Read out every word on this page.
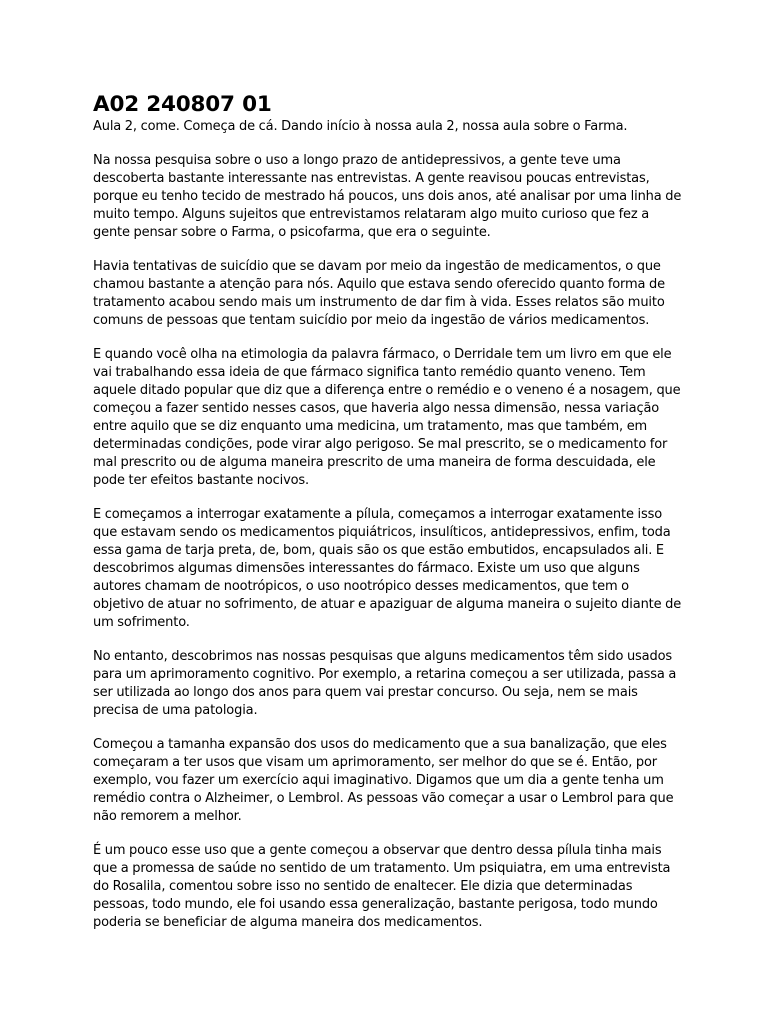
A02 240807 01

Aula 2, come. Começa de cá. Dando início à nossa aula 2, nossa aula sobre o Farma.

Na nossa pesquisa sobre o uso a longo prazo de antidepressivos, a gente teve uma descoberta bastante interessante nas entrevistas. A gente reavisou poucas entrevistas, porque eu tenho tecido de mestrado há poucos, uns dois anos, até analisar por uma linha de muito tempo. Alguns sujeitos que entrevistamos relataram algo muito curioso que fez a gente pensar sobre o Farma, o psicofarma, que era o seguinte.

Havia tentativas de suicídio que se davam por meio da ingestão de medicamentos, o que chamou bastante a atenção para nós. Aquilo que estava sendo oferecido quanto forma de tratamento acabou sendo mais um instrumento de dar fim à vida. Esses relatos são muito comuns de pessoas que tentam suicídio por meio da ingestão de vários medicamentos.

E quando você olha na etimologia da palavra fármaco, o Derridale tem um livro em que ele vai trabalhando essa ideia de que fármaco significa tanto remédio quanto veneno. Tem aquele ditado popular que diz que a diferença entre o remédio e o veneno é a nosagem, que começou a fazer sentido nesses casos, que haveria algo nessa dimensão, nessa variação entre aquilo que se diz enquanto uma medicina, um tratamento, mas que também, em determinadas condições, pode virar algo perigoso. Se mal prescrito, se o medicamento for mal prescrito ou de alguma maneira prescrito de uma maneira de forma descuidada, ele pode ter efeitos bastante nocivos.

E começamos a interrogar exatamente a pílula, começamos a interrogar exatamente isso que estavam sendo os medicamentos piquiátricos, insulíticos, antidepressivos, enfim, toda essa gama de tarja preta, de, bom, quais são os que estão embutidos, encapsulados ali. E descobrimos algumas dimensões interessantes do fármaco. Existe um uso que alguns autores chamam de nootrópicos, o uso nootrópico desses medicamentos, que tem o objetivo de atuar no sofrimento, de atuar e apaziguar de alguma maneira o sujeito diante de um sofrimento.

No entanto, descobrimos nas nossas pesquisas que alguns medicamentos têm sido usados para um aprimoramento cognitivo. Por exemplo, a retarina começou a ser utilizada, passa a ser utilizada ao longo dos anos para quem vai prestar concurso. Ou seja, nem se mais precisa de uma patologia.

Começou a tamanha expansão dos usos do medicamento que a sua banalização, que eles começaram a ter usos que visam um aprimoramento, ser melhor do que se é. Então, por exemplo, vou fazer um exercício aqui imaginativo. Digamos que um dia a gente tenha um remédio contra o Alzheimer, o Lembrol. As pessoas vão começar a usar o Lembrol para que não remorem a melhor.

É um pouco esse uso que a gente começou a observar que dentro dessa pílula tinha mais que a promessa de saúde no sentido de um tratamento. Um psiquiatra, em uma entrevista do Rosalila, comentou sobre isso no sentido de enaltecer. Ele dizia que determinadas pessoas, todo mundo, ele foi usando essa generalização, bastante perigosa, todo mundo poderia se beneficiar de alguma maneira dos medicamentos.
